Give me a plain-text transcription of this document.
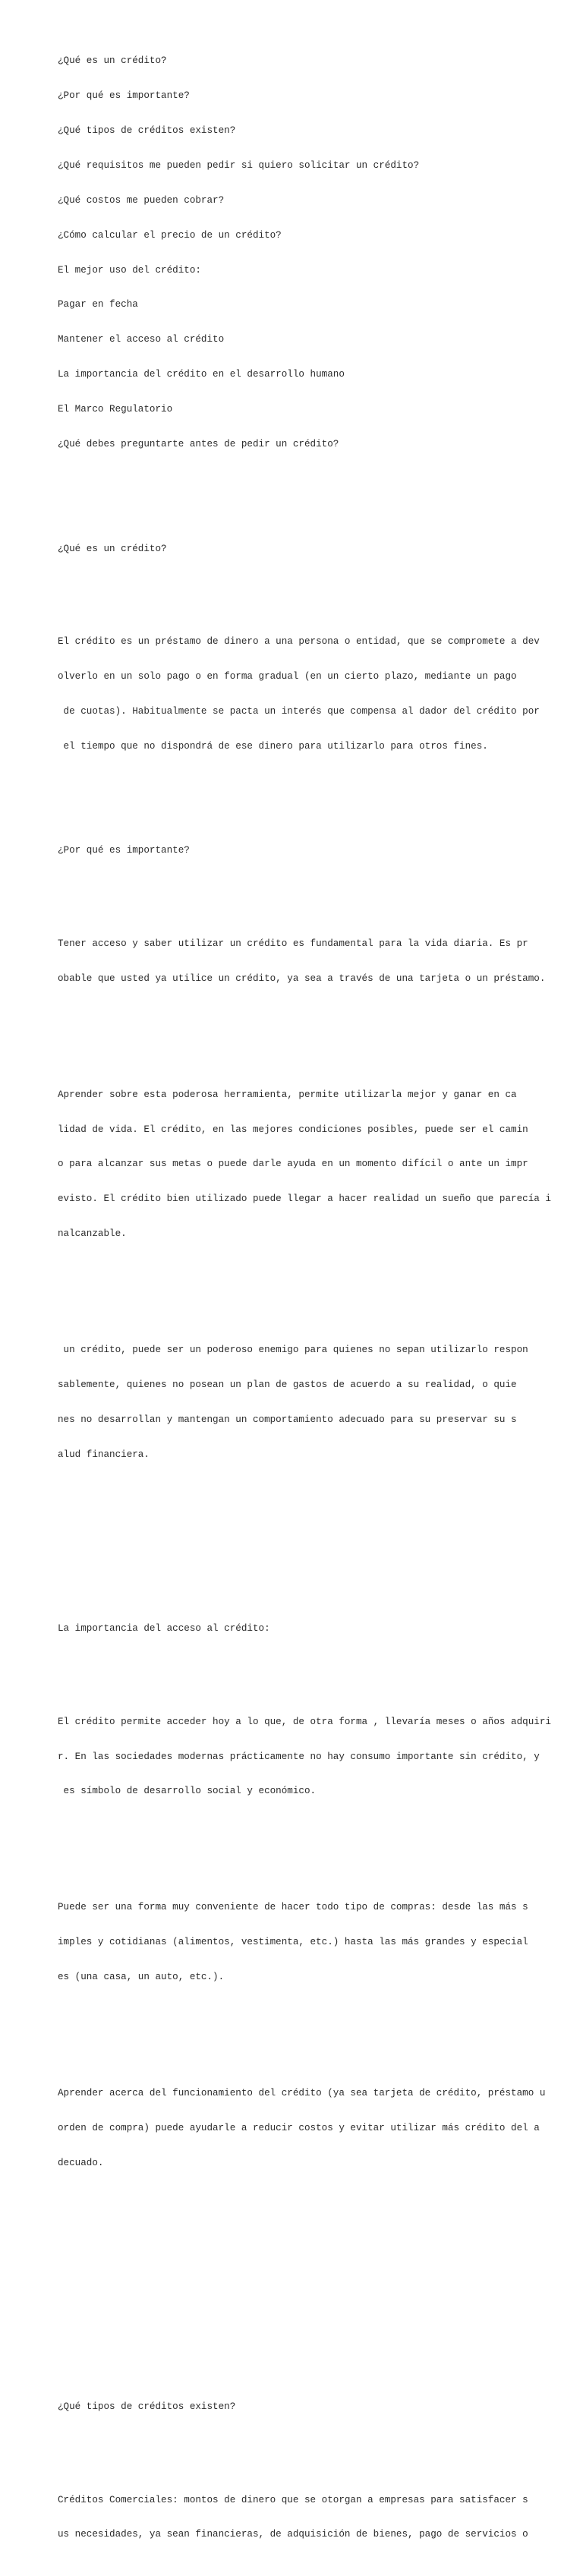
¿Qué es un crédito?

¿Por qué es importante?

¿Qué tipos de créditos existen?

¿Qué requisitos me pueden pedir si quiero solicitar un crédito?

¿Qué costos me pueden cobrar?

¿Cómo calcular el precio de un crédito?

El mejor uso del crédito:

Pagar en fecha

Mantener el acceso al crédito

La importancia del crédito en el desarrollo humano

El Marco Regulatorio

¿Qué debes preguntarte antes de pedir un crédito?

¿Qué es un crédito?

El crédito es un préstamo de dinero a una persona o entidad, que se compromete a dev

olverlo en un solo pago o en forma gradual (en un cierto plazo, mediante un pago

de cuotas). Habitualmente se pacta un interés que compensa al dador del crédito por

el tiempo que no dispondrá de ese dinero para utilizarlo para otros fines.

¿Por qué es importante?

Tener acceso y saber utilizar un crédito es fundamental para la vida diaria. Es pr

obable que usted ya utilice un crédito, ya sea a través de una tarjeta o un préstamo.

Aprender sobre esta poderosa herramienta, permite utilizarla mejor y ganar en ca

lidad de vida. El crédito, en las mejores condiciones posibles, puede ser el camin

o para alcanzar sus metas o puede darle ayuda en un momento difícil o ante un impr

evisto. El crédito bien utilizado puede llegar a hacer realidad un sueño que parecía i

nalcanzable.

un crédito, puede ser un poderoso enemigo para quienes no sepan utilizarlo respon

sablemente, quienes no posean un plan de gastos de acuerdo a su realidad, o quie

nes no desarrollan y mantengan un comportamiento adecuado para su preservar su s

alud financiera.

La importancia del acceso al crédito:

El crédito permite acceder hoy a lo que, de otra forma , llevaría meses o años adquiri

r. En las sociedades modernas prácticamente no hay consumo importante sin crédito, y

es símbolo de desarrollo social y económico.

Puede ser una forma muy conveniente de hacer todo tipo de compras: desde las más s

imples y cotidianas (alimentos, vestimenta, etc.) hasta las más grandes y especial

es (una casa, un auto, etc.).

Aprender acerca del funcionamiento del crédito (ya sea tarjeta de crédito, préstamo u

orden de compra) puede ayudarle a reducir costos y evitar utilizar más crédito del a

decuado.

¿Qué tipos de créditos existen?

Créditos Comerciales: montos de dinero que se otorgan a empresas para satisfacer s

us necesidades, ya sean financieras, de adquisición de bienes, pago de servicios o
